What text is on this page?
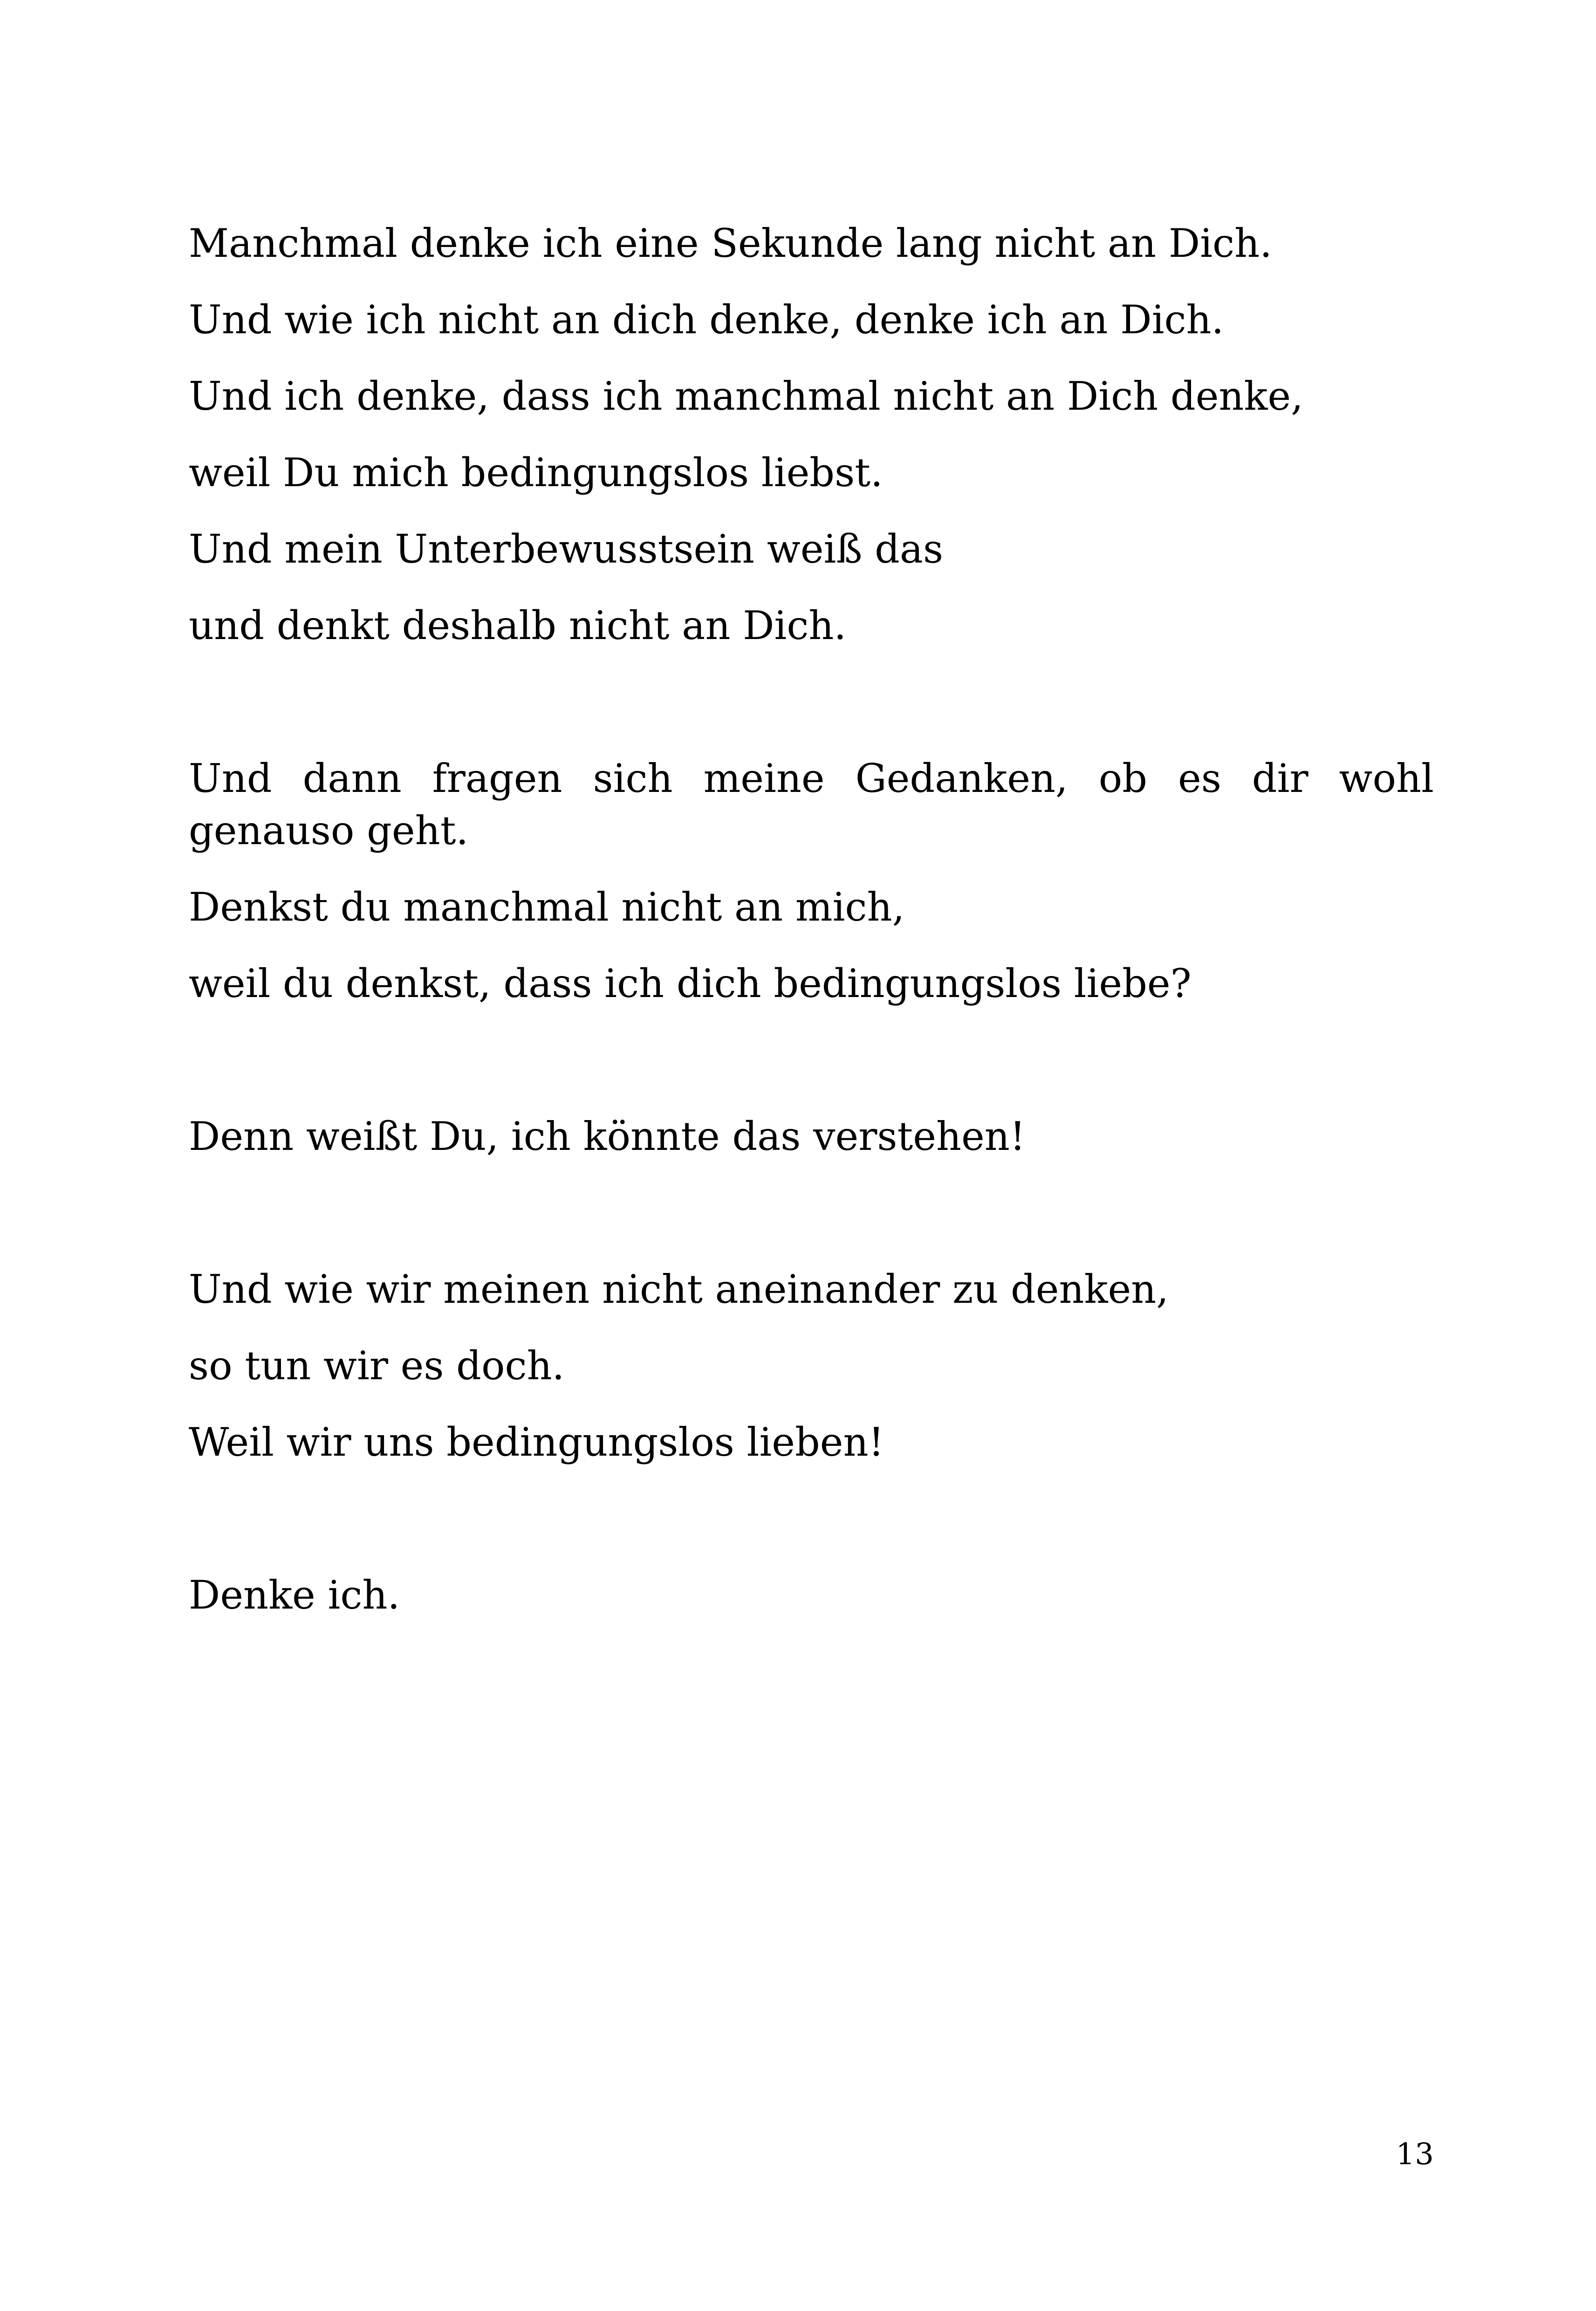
Manchmal denke ich eine Sekunde lang nicht an Dich.
Und wie ich nicht an dich denke, denke ich an Dich.
Und ich denke, dass ich manchmal nicht an Dich denke,
weil Du mich bedingungslos liebst.
Und mein Unterbewusstsein weiß das
und denkt deshalb nicht an Dich.
Und dann fragen sich meine Gedanken, ob es dir wohl genauso geht.
Denkst du manchmal nicht an mich,
weil du denkst, dass ich dich bedingungslos liebe?
Denn weißt Du, ich könnte das verstehen!
Und wie wir meinen nicht aneinander zu denken,
so tun wir es doch.
Weil wir uns bedingungslos lieben!
Denke ich.
13
